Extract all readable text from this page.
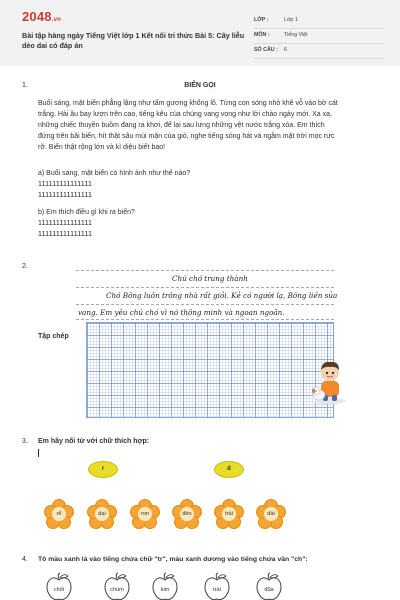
2048.vn
Bài tập hàng ngày Tiếng Việt lớp 1 Kết nối tri thức Bài 5: Cây liễu dẻo dai có đáp án
LỚP :	Lớp 1
MÔN :	Tiếng Việt
SỐ CÂU : 6
1.	BIỂN GỌI
Buổi sáng, mặt biển phẳng lặng như tấm gương khổng lồ. Từng con sóng nhỏ khẽ vỗ vào bờ cát
trắng. Hải âu bay lượn trên cao, tiếng kêu của chúng vang vọng như lời chào ngày mới. Xa xa,
những chiếc thuyền buồm đang ra khơi, để lại sau lưng những vệt nước trắng xóa. Em thích
đứng trên bãi biển, hít thật sâu mùi mặn của gió, nghe tiếng sóng hát và ngắm mặt trời mọc rực
rỡ. Biển thật rộng lớn và kì diệu biết bao!
a) Buổi sáng, mặt biển có hình ảnh như thế nào?
111111111111111
111111111111111
b) Em thích điều gì khi ra biển?
111111111111111
111111111111111
2.
Chú chó trung thành
Chó Bông luôn trông nhà rất giỏi. Kẻ có người lạ, Bông liền sủa
vang. Em yêu chú chó vì nó thông minh và ngoan ngoãn.
Tập chép
3. Em hãy nối từ với chữ thích hợp:
r	d
rể	dại	ron	đèo	trái	dài
4. Tô màu xanh lá vào tiếng chứa chữ "tr", màu xanh dương vào tiếng chứa vần "ch":
chổi	chùm	kim	trái	đũa
